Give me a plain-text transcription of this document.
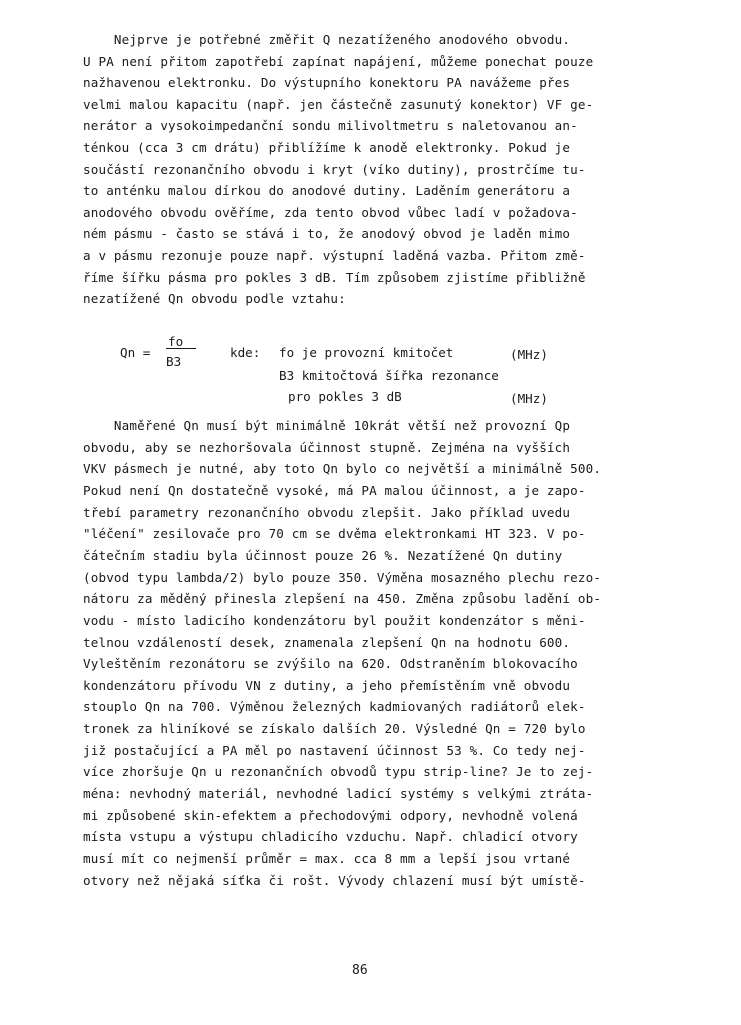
Nejprve je potřebné změřit Q nezatíženého anodového obvodu.
U PA není přitom zapotřebí zapínat napájení, můžeme ponechat pouze
nažhavenou elektronku. Do výstupního konektoru PA navážeme přes
velmi malou kapacitu (např. jen částečně zasunutý konektor) VF ge-
nerátor a vysokoimpedanční sondu milivoltmetru s naletovanou an-
ténkou (cca 3 cm drátu) přiblížíme k anodě elektronky. Pokud je
součástí rezonančního obvodu i kryt (víko dutiny), prostrčíme tu-
to anténku malou dírkou do anodové dutiny. Laděním generátoru a
anodového obvodu ověříme, zda tento obvod vůbec ladí v požadova-
ném pásmu - často se stává i to, že anodový obvod je laděn mimo
a v pásmu rezonuje pouze např. výstupní laděná vazba. Přitom změ-
říme šířku pásma pro pokles 3 dB. Tím způsobem zjistíme přibližně
nezatížené Qn obvodu podle vztahu:
Qn =
fo
B3
kde: fo je provozní kmitočet	(MHz)
B3 kmitočtová šířka rezonance
pro pokles 3 dB	(MHz)
Naměřené Qn musí být minimálně 10krát větší než provozní Qp
obvodu, aby se nezhoršovala účinnost stupně. Zejména na vyšších
VKV pásmech je nutné, aby toto Qn bylo co největší a minimálně 500.
Pokud není Qn dostatečně vysoké, má PA malou účinnost, a je zapo-
třebí parametry rezonančního obvodu zlepšit. Jako příklad uvedu
"léčení" zesilovače pro 70 cm se dvěma elektronkami HT 323. V po-
čátečním stadiu byla účinnost pouze 26 %. Nezatížené Qn dutiny
(obvod typu lambda/2) bylo pouze 350. Výměna mosazného plechu rezo-
nátoru za měděný přinesla zlepšení na 450. Změna způsobu ladění ob-
vodu - místo ladicího kondenzátoru byl použit kondenzátor s měni-
telnou vzdáleností desek, znamenala zlepšení Qn na hodnotu 600.
Vyleštěním rezonátoru se zvýšilo na 620. Odstraněním blokovacího
kondenzátoru přívodu VN z dutiny, a jeho přemístěním vně obvodu
stouplo Qn na 700. Výměnou železných kadmiovaných radiátorů elek-
tronek za hliníkové se získalo dalších 20. Výsledné Qn = 720 bylo
již postačující a PA měl po nastavení účinnost 53 %. Co tedy nej-
více zhoršuje Qn u rezonančních obvodů typu strip-line? Je to zej-
ména: nevhodný materiál, nevhodné ladicí systémy s velkými ztráta-
mi způsobené skin-efektem a přechodovými odpory, nevhodně volená
místa vstupu a výstupu chladicího vzduchu. Např. chladicí otvory
musí mít co nejmenší průměr = max. cca 8 mm a lepší jsou vrtané
otvory než nějaká síťka či rošt. Vývody chlazení musí být umístě-
86
